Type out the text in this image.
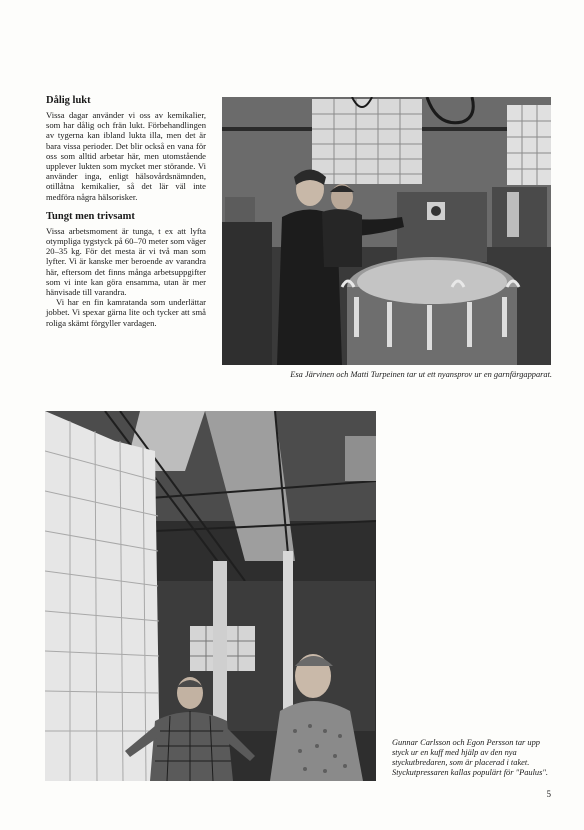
Dålig lukt

Vissa dagar använder vi oss av kemikalier, som har dålig och frän lukt. Förbehandlingen av tygerna kan ibland lukta illa, men det är bara vissa perioder. Det blir också en vana för oss som alltid arbetar här, men utomstående upplever lukten som mycket mer störande. Vi använder inga, enligt hälsovårdsnämnden, otillåtna kemikalier, så det lär väl inte medföra några hälsorisker.

Tungt men trivsamt

Vissa arbetsmoment är tunga, t ex att lyfta otympliga tygstyck på 60–70 meter som väger 20–35 kg. För det mesta är vi två man som lyfter. Vi är kanske mer beroende av varandra här, eftersom det finns många arbetsuppgifter som vi inte kan göra ensamma, utan är mer hänvisade till varandra.

Vi har en fin kamratanda som underlättar jobbet. Vi spexar gärna lite och tycker att små roliga skämt förgyller vardagen.

Esa Järvinen och Matti Turpeinen tar ut ett nyansprov ur en garnfärgapparat.
Gunnar Carlsson och Egon Persson tar upp styck ur en kuff med hjälp av den nya styckutbredaren, som är placerad i taket. Styckutpressaren kallas populärt för "Paulus".
5
